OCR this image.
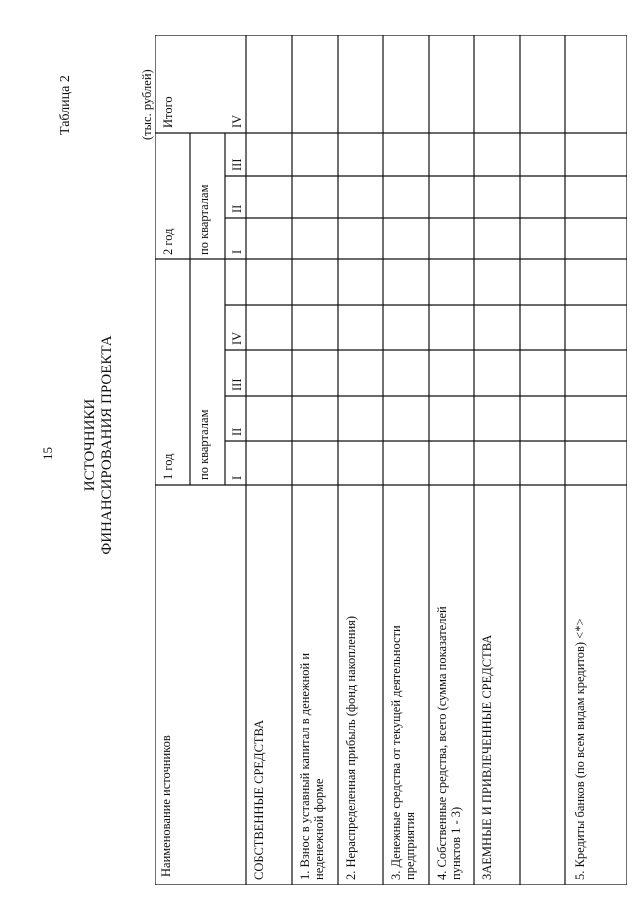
15
Таблица 2
ИСТОЧНИКИ ФИНАНСИРОВАНИЯ ПРОЕКТА
(тыс. рублей)
Наименование источников
1 год
2 год
Итого
по кварталам
по кварталам
I
II
III
IV
I
II
III
IV
СОБСТВЕННЫЕ СРЕДСТВА	1. Взнос в уставный капитал в денежной и неденежной форме 2. Нераспределенная прибыль (фонд накопления) 3. Денежные средства от текущей деятельности предприятия 4. Собственные средства, всего (сумма показателей пунктов 1 - 3) ЗАЕМНЫЕ И ПРИВЛЕЧЕННЫЕ СРЕДСТВА	5. Кредиты банков (по всем видам кредитов) <*>
